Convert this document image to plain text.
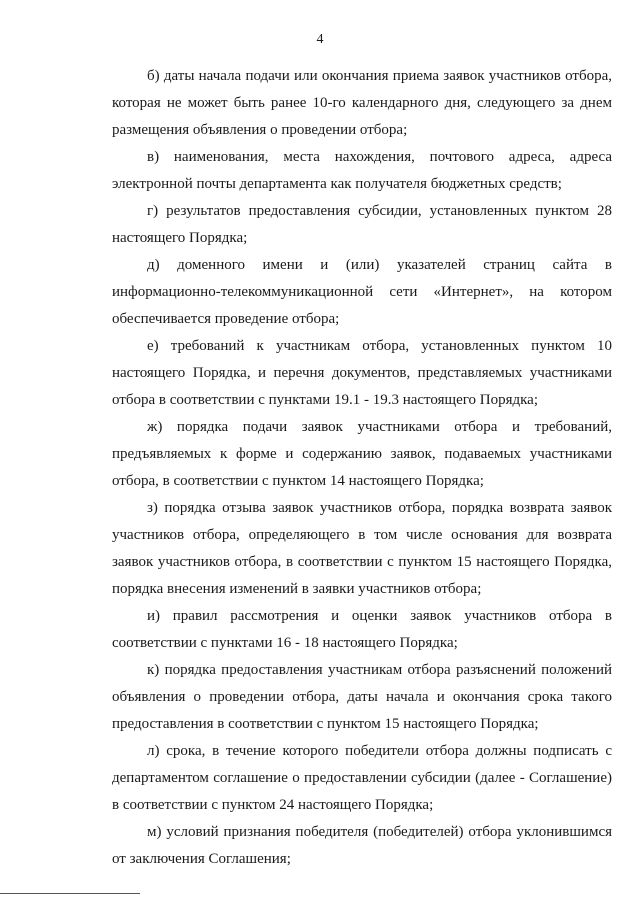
4

б) даты начала подачи или окончания приема заявок участников отбора, которая не может быть ранее 10-го календарного дня, следующего за днем размещения объявления о проведении отбора;

в) наименования, места нахождения, почтового адреса, адреса электронной почты департамента как получателя бюджетных средств;

г) результатов предоставления субсидии, установленных пунктом 28 настоящего Порядка;

д) доменного имени и (или) указателей страниц сайта в информационно-телекоммуникационной сети «Интернет», на котором обеспечивается проведение отбора;

е) требований к участникам отбора, установленных пунктом 10 настоящего Порядка, и перечня документов, представляемых участниками отбора в соответствии с пунктами 19.1 - 19.3 настоящего Порядка;

ж) порядка подачи заявок участниками отбора и требований, предъявляемых к форме и содержанию заявок, подаваемых участниками отбора, в соответствии с пунктом 14 настоящего Порядка;

з) порядка отзыва заявок участников отбора, порядка возврата заявок участников отбора, определяющего в том числе основания для возврата заявок участников отбора, в соответствии с пунктом 15 настоящего Порядка, порядка внесения изменений в заявки участников отбора;

и) правил рассмотрения и оценки заявок участников отбора в соответствии с пунктами 16 - 18 настоящего Порядка;

к) порядка предоставления участникам отбора разъяснений положений объявления о проведении отбора, даты начала и окончания срока такого предоставления в соответствии с пунктом 15 настоящего Порядка;

л) срока, в течение которого победители отбора должны подписать с департаментом соглашение о предоставлении субсидии (далее - Соглашение) в соответствии с пунктом 24 настоящего Порядка;

м) условий признания победителя (победителей) отбора уклонившимся от заключения Соглашения;
